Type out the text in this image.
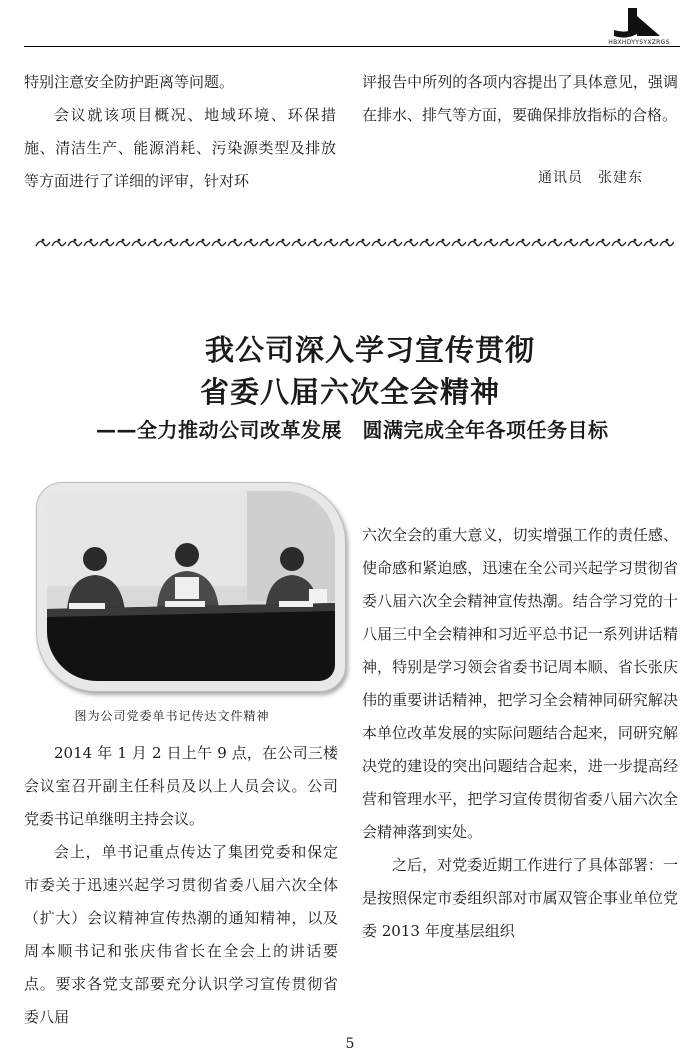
HBXHDYYSYXZRGS

特别注意安全防护距离等问题。

会议就该项目概况、地域环境、环保措施、清洁生产、能源消耗、污染源类型及排放等方面进行了详细的评审，针对环

评报告中所列的各项内容提出了具体意见，强调在排水、排气等方面，要确保排放指标的合格。

通讯员　张建东
我公司深入学习宣传贯彻
省委八届六次全会精神
——全力推动公司改革发展　圆满完成全年各项任务目标
图为公司党委单书记传达文件精神

2014 年 1 月 2 日上午 9 点，在公司三楼会议室召开副主任科员及以上人员会议。公司党委书记单继明主持会议。

会上，单书记重点传达了集团党委和保定市委关于迅速兴起学习贯彻省委八届六次全体（扩大）会议精神宣传热潮的通知精神，以及周本顺书记和张庆伟省长在全会上的讲话要点。要求各党支部要充分认识学习宣传贯彻省委八届

六次全会的重大意义，切实增强工作的责任感、使命感和紧迫感，迅速在全公司兴起学习贯彻省委八届六次全会精神宣传热潮。结合学习党的十八届三中全会精神和习近平总书记一系列讲话精神，特别是学习领会省委书记周本顺、省长张庆伟的重要讲话精神，把学习全会精神同研究解决本单位改革发展的实际问题结合起来，同研究解决党的建设的突出问题结合起来，进一步提高经营和管理水平，把学习宣传贯彻省委八届六次全会精神落到实处。

之后，对党委近期工作进行了具体部署：一是按照保定市委组织部对市属双管企事业单位党委 2013 年度基层组织

5
